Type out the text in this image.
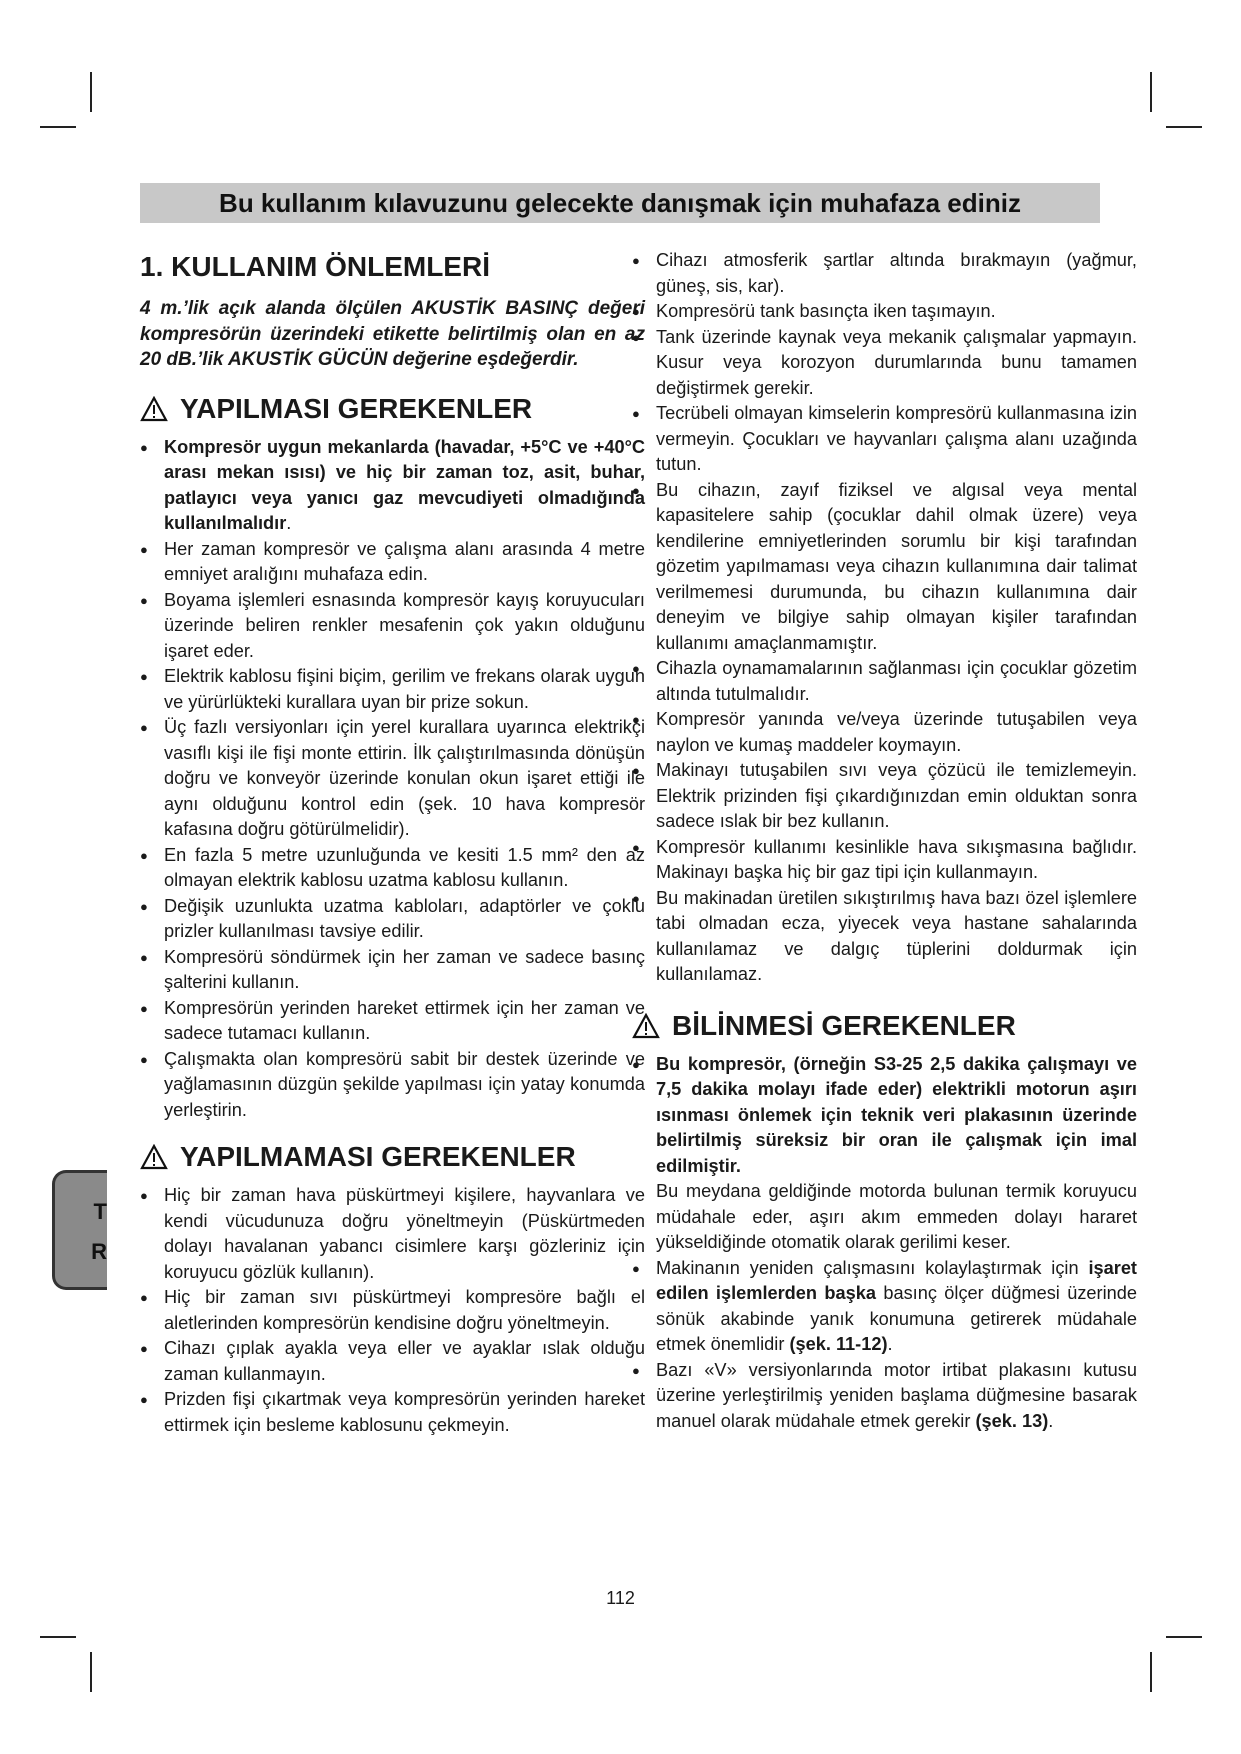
Bu kullanım kılavuzunu gelecekte danışmak için muhafaza ediniz
T
R
1. KULLANIM ÖNLEMLERİ
4 m.’lik açık alanda ölçülen AKUSTİK BASINÇ değeri kompresörün üzerindeki etikette belirtilmiş olan en az 20 dB.’lik AKUSTİK GÜCÜN değerine eşdeğerdir.
YAPILMASI GEREKENLER
● Kompresör uygun mekanlarda (havadar, +5°C ve +40°C arası mekan ısısı) ve hiç bir zaman toz, asit, buhar, patlayıcı veya yanıcı gaz mevcudiyeti olmadığında kullanılmalıdır.
● Her zaman kompresör ve çalışma alanı arasında 4 metre emniyet aralığını muhafaza edin.
● Boyama işlemleri esnasında kompresör kayış koruyucuları üzerinde beliren renkler mesafenin çok yakın olduğunu işaret eder.
● Elektrik kablosu fişini biçim, gerilim ve frekans olarak uygun ve yürürlükteki kurallara uyan bir prize sokun.
● Üç fazlı versiyonları için yerel kurallara uyarınca elektrikçi vasıflı kişi ile fişi monte ettirin. İlk çalıştırılmasında dönüşün doğru ve konveyör üzerinde konulan okun işaret ettiği ile aynı olduğunu kontrol edin (şek. 10 hava kompresör kafasına doğru götürülmelidir).
● En fazla 5 metre uzunluğunda ve kesiti 1.5 mm² den az olmayan elektrik kablosu uzatma kablosu kullanın.
● Değişik uzunlukta uzatma kabloları, adaptörler ve çoklu prizler kullanılması tavsiye edilir.
● Kompresörü söndürmek için her zaman ve sadece basınç şalterini kullanın.
● Kompresörün yerinden hareket ettirmek için her zaman ve sadece tutamacı kullanın.
● Çalışmakta olan kompresörü sabit bir destek üzerinde ve yağlamasının düzgün şekilde yapılması için yatay konumda yerleştirin.
YAPILMAMASI GEREKENLER
● Hiç bir zaman hava püskürtmeyi kişilere, hayvanlara ve kendi vücudunuza doğru yöneltmeyin (Püskürtmeden dolayı havalanan yabancı cisimlere karşı gözleriniz için koruyucu gözlük kullanın).
● Hiç bir zaman sıvı püskürtmeyi kompresöre bağlı el aletlerinden kompresörün kendisine doğru yöneltmeyin.
● Cihazı çıplak ayakla veya eller ve ayaklar ıslak olduğu zaman kullanmayın.
● Prizden fişi çıkartmak veya kompresörün yerinden hareket ettirmek için besleme kablosunu çekmeyin.
● Cihazı atmosferik şartlar altında bırakmayın (yağmur, güneş, sis, kar).
● Kompresörü tank basınçta iken taşımayın.
● Tank üzerinde kaynak veya mekanik çalışmalar yapmayın. Kusur veya korozyon durumlarında bunu tamamen değiştirmek gerekir.
● Tecrübeli olmayan kimselerin kompresörü kullanmasına izin vermeyin. Çocukları ve hayvanları çalışma alanı uzağında tutun.
● Bu cihazın, zayıf fiziksel ve algısal veya mental kapasitelere sahip (çocuklar dahil olmak üzere) veya kendilerine emniyetlerinden sorumlu bir kişi tarafından gözetim yapılmaması veya cihazın kullanımına dair talimat verilmemesi durumunda, bu cihazın kullanımına dair deneyim ve bilgiye sahip olmayan kişiler tarafından kullanımı amaçlanmamıştır.
● Cihazla oynamamalarının sağlanması için çocuklar gözetim altında tutulmalıdır.
● Kompresör yanında ve/veya üzerinde tutuşabilen veya naylon ve kumaş maddeler koymayın.
● Makinayı tutuşabilen sıvı veya çözücü ile temizlemeyin. Elektrik prizinden fişi çıkardığınızdan emin olduktan sonra sadece ıslak bir bez kullanın.
● Kompresör kullanımı kesinlikle hava sıkışmasına bağlıdır. Makinayı başka hiç bir gaz tipi için kullanmayın.
● Bu makinadan üretilen sıkıştırılmış hava bazı özel işlemlere tabi olmadan ecza, yiyecek veya hastane sahalarında kullanılamaz ve dalgıç tüplerini doldurmak için kullanılamaz.
BİLİNMESİ GEREKENLER
● Bu kompresör, (örneğin S3-25 2,5 dakika çalışmayı ve 7,5 dakika molayı ifade eder) elektrikli motorun aşırı ısınması önlemek için teknik veri plakasının üzerinde belirtilmiş süreksiz bir oran ile çalışmak için imal edilmiştir.
Bu meydana geldiğinde motorda bulunan termik koruyucu müdahale eder, aşırı akım emmeden dolayı hararet yükseldiğinde otomatik olarak gerilimi keser.
● Makinanın yeniden çalışmasını kolaylaştırmak için işaret edilen işlemlerden başka basınç ölçer düğmesi üzerinde sönük akabinde yanık konumuna getirerek müdahale etmek önemlidir (şek. 11-12).
● Bazı «V» versiyonlarında motor irtibat plakasını kutusu üzerine yerleştirilmiş yeniden başlama düğmesine basarak manuel olarak müdahale etmek gerekir (şek. 13).
112
